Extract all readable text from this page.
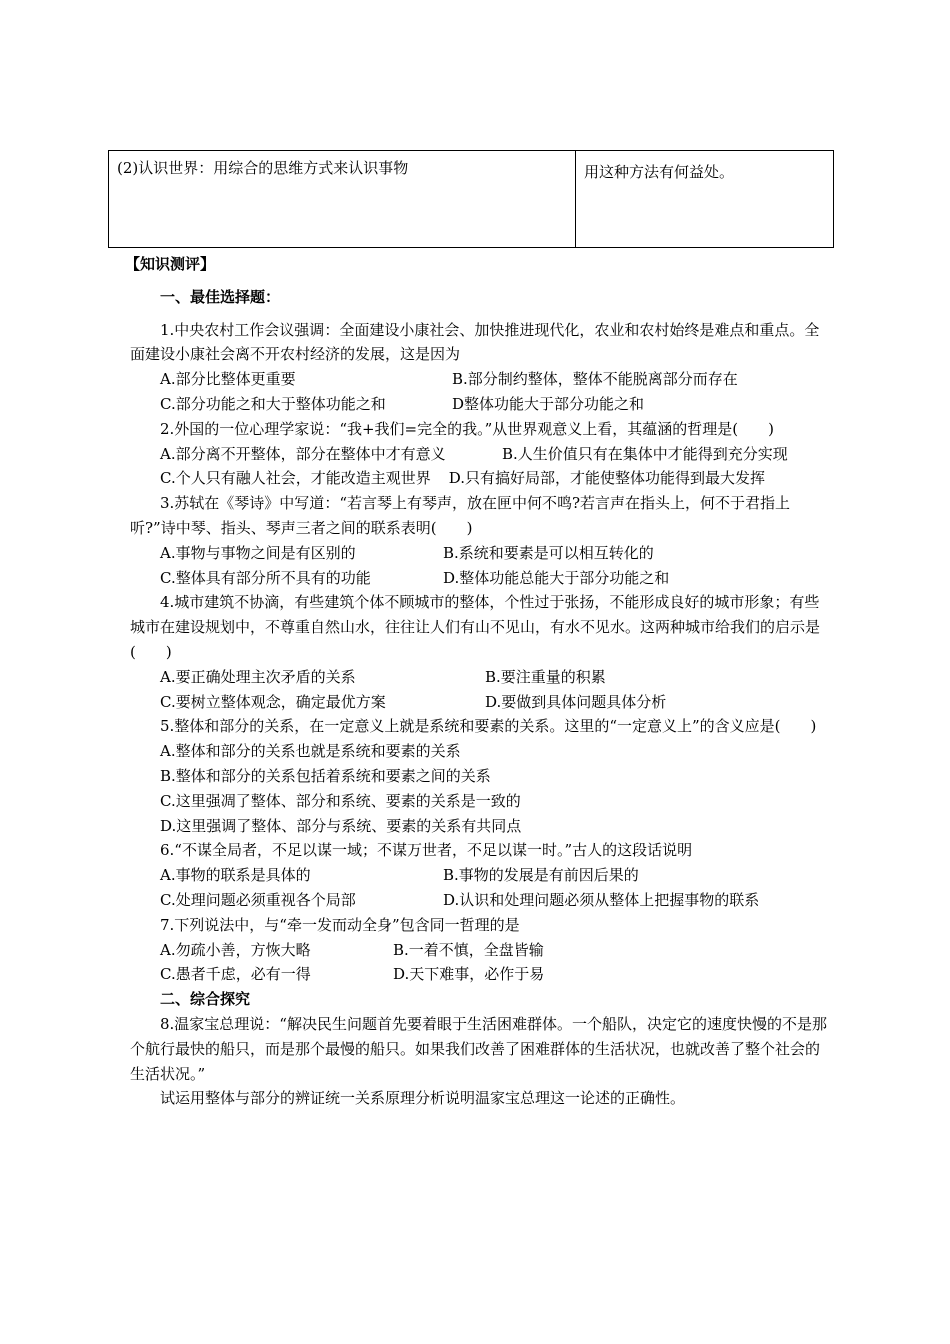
(2)认识世界：用综合的思维方式来认识事物	用这种方法有何益处。
【知识测评】
一、最佳选择题：
1.中央农村工作会议强调：全面建设小康社会、加快推进现代化，农业和农村始终是难点和重点。全面建设小康社会离不开农村经济的发展，这是因为
A.部分比整体更重要	B.部分制约整体，整体不能脱离部分而存在
C.部分功能之和大于整体功能之和	D整体功能大于部分功能之和
2.外国的一位心理学家说：“我+我们=完全的我。”从世界观意义上看，其蕴涵的哲理是(　　)
A.部分离不开整体，部分在整体中才有意义	B.人生价值只有在集体中才能得到充分实现
C.个人只有融人社会，才能改造主观世界 D.只有搞好局部，才能使整体功能得到最大发挥
3.苏轼在《琴诗》中写道：“若言琴上有琴声，放在匣中何不鸣?若言声在指头上，何不于君指上听?”诗中琴、指头、琴声三者之间的联系表明(　　)
A.事物与事物之间是有区别的	B.系统和要素是可以相互转化的
C.整体具有部分所不具有的功能	D.整体功能总能大于部分功能之和
4.城市建筑不协滴，有些建筑个体不顾城市的整体，个性过于张扬，不能形成良好的城市形象；有些城市在建设规划中，不尊重自然山水，往往让人们有山不见山，有水不见水。这两种城市给我们的启示是(　　)
A.要正确处理主次矛盾的关系	B.要注重量的积累
C.要树立整体观念，确定最优方案	D.要做到具体问题具体分析
5.整体和部分的关系，在一定意义上就是系统和要素的关系。这里的“一定意义上”的含义应是(　　)
A.整体和部分的关系也就是系统和要素的关系
B.整体和部分的关系包括着系统和要素之间的关系
C.这里强凋了整体、部分和系统、要素的关系是一致的
D.这里强调了整体、部分与系统、要素的关系有共同点
6.“不谋全局者，不足以谋一域；不谋万世者，不足以谋一时。”古人的这段话说明
A.事物的联系是具体的	B.事物的发展是有前因后果的
C.处理问题必须重视各个局部	D.认识和处理问题必须从整体上把握事物的联系
7.下列说法中，与“牵一发而动全身”包含同一哲理的是
A.勿疏小善，方恢大略	B.一着不慎，全盘皆输
C.愚者千虑，必有一得	D.天下难事，必作于易
二、综合探究
8.温家宝总理说：“解决民生问题首先要着眼于生活困难群体。一个船队，决定它的速度快慢的不是那个航行最快的船只，而是那个最慢的船只。如果我们改善了困难群体的生活状况，也就改善了整个社会的生活状况。”
试运用整体与部分的辨证统一关系原理分析说明温家宝总理这一论述的正确性。
